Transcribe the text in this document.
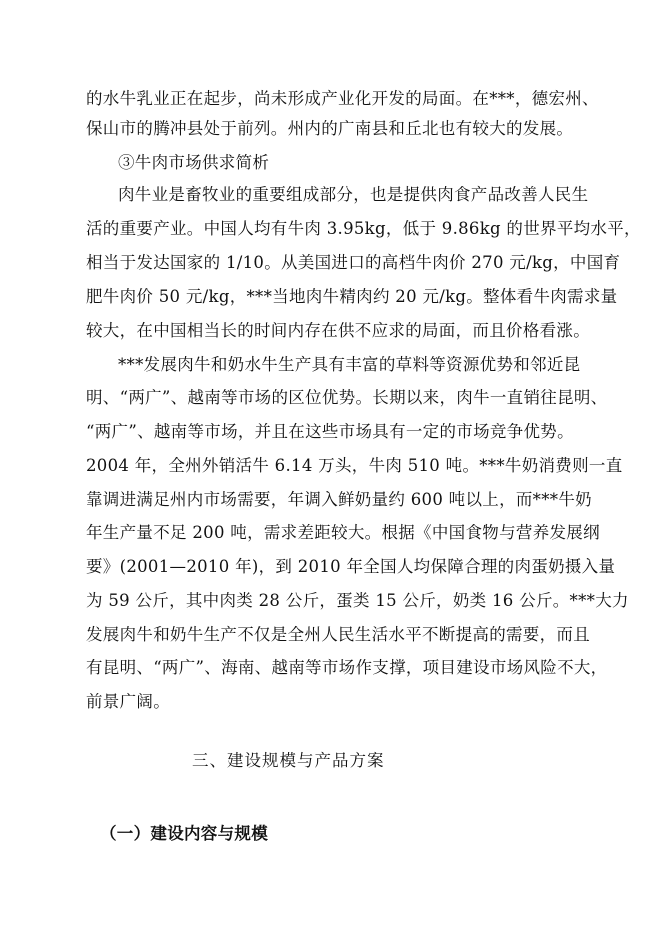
的水牛乳业正在起步，尚未形成产业化开发的局面。在***，德宏州、
保山市的腾冲县处于前列。州内的广南县和丘北也有较大的发展。
③牛肉市场供求简析
肉牛业是畜牧业的重要组成部分，也是提供肉食产品改善人民生
活的重要产业。中国人均有牛肉 3.95kg，低于 9.86kg 的世界平均水平，
相当于发达国家的 1/10。从美国进口的高档牛肉价 270 元/kg，中国育
肥牛肉价 50 元/kg，***当地肉牛精肉约 20 元/kg。整体看牛肉需求量
较大，在中国相当长的时间内存在供不应求的局面，而且价格看涨。
***发展肉牛和奶水牛生产具有丰富的草料等资源优势和邻近昆
明、“两广”、越南等市场的区位优势。长期以来，肉牛一直销往昆明、
“两广”、越南等市场，并且在这些市场具有一定的市场竞争优势。
2004 年，全州外销活牛 6.14 万头，牛肉 510 吨。***牛奶消费则一直
靠调进满足州内市场需要，年调入鲜奶量约 600 吨以上，而***牛奶
年生产量不足 200 吨，需求差距较大。根据《中国食物与营养发展纲
要》(2001—2010 年)，到 2010 年全国人均保障合理的肉蛋奶摄入量
为 59 公斤，其中肉类 28 公斤，蛋类 15 公斤，奶类 16 公斤。***大力
发展肉牛和奶牛生产不仅是全州人民生活水平不断提高的需要，而且
有昆明、“两广”、海南、越南等市场作支撑，项目建设市场风险不大，
前景广阔。
三、建设规模与产品方案
（一）建设内容与规模
